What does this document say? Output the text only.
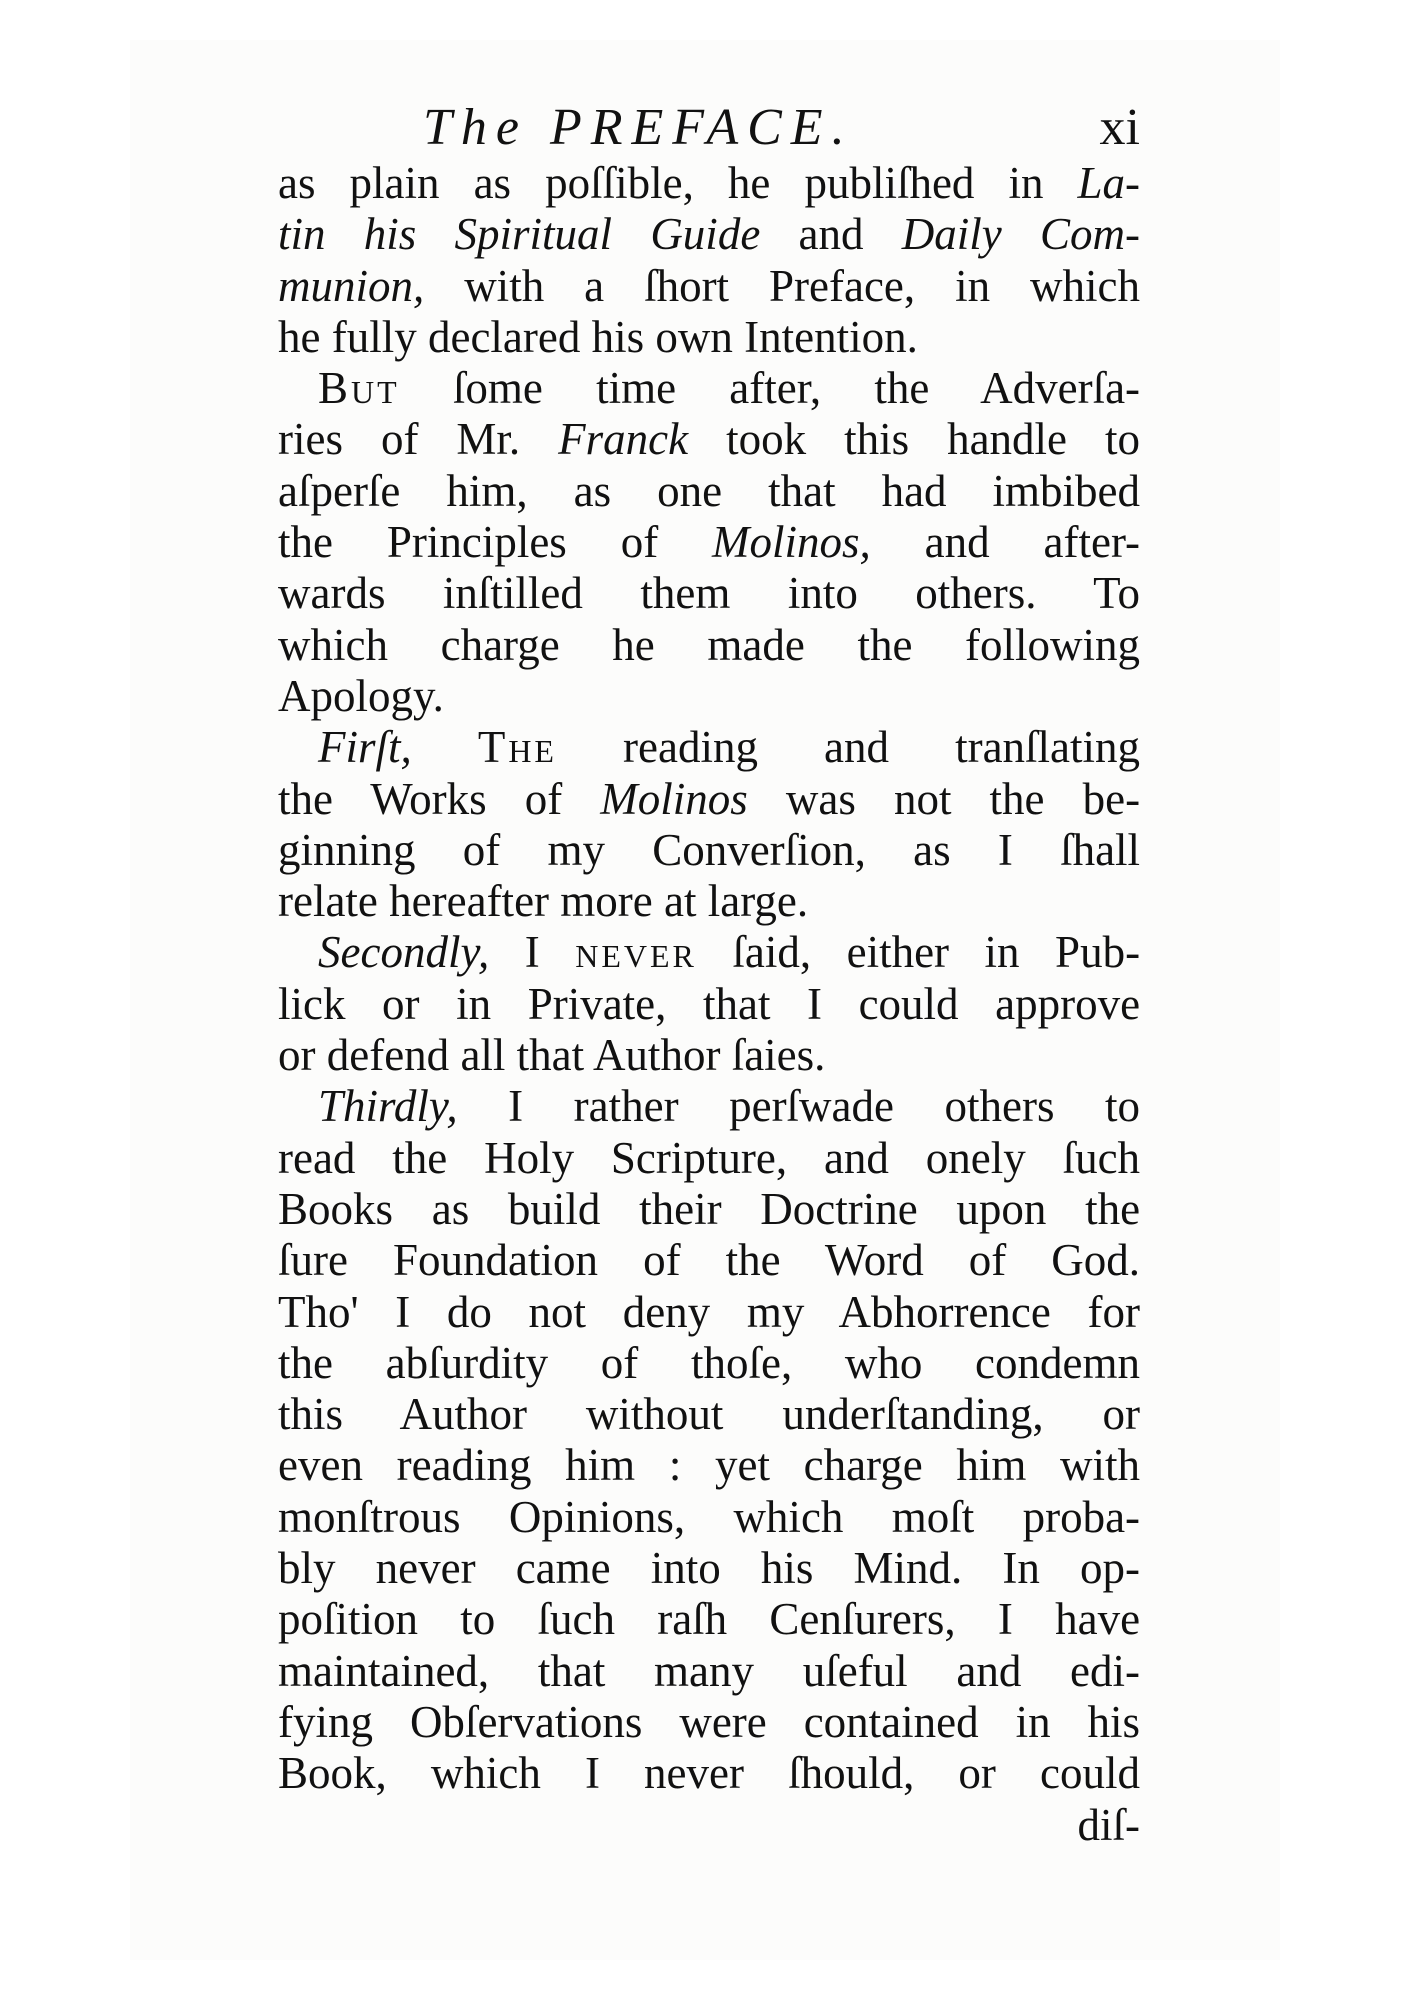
The PREFACE.	xi
as plain as poſſible, he publiſhed in La-
tin his Spiritual Guide and Daily Com-
munion, with a ſhort Preface, in which
he fully declared his own Intention.
But ſome time after, the Adverſa-
ries of Mr. Franck took this handle to
aſperſe him, as one that had imbibed
the Principles of Molinos, and after-
wards inſtilled them into others. To
which charge he made the following
Apology.
Firſt, The reading and tranſlating
the Works of Molinos was not the be-
ginning of my Converſion, as I ſhall
relate hereafter more at large.
Secondly, I never ſaid, either in Pub-
lick or in Private, that I could approve
or defend all that Author ſaies.
Thirdly, I rather perſwade others to
read the Holy Scripture, and onely ſuch
Books as build their Doctrine upon the
ſure Foundation of the Word of God.
Tho' I do not deny my Abhorrence for
the abſurdity of thoſe, who condemn
this Author without underſtanding, or
even reading him : yet charge him with
monſtrous Opinions, which moſt proba-
bly never came into his Mind. In op-
poſition to ſuch raſh Cenſurers, I have
maintained, that many uſeful and edi-
fying Obſervations were contained in his
Book, which I never ſhould, or could
diſ-
